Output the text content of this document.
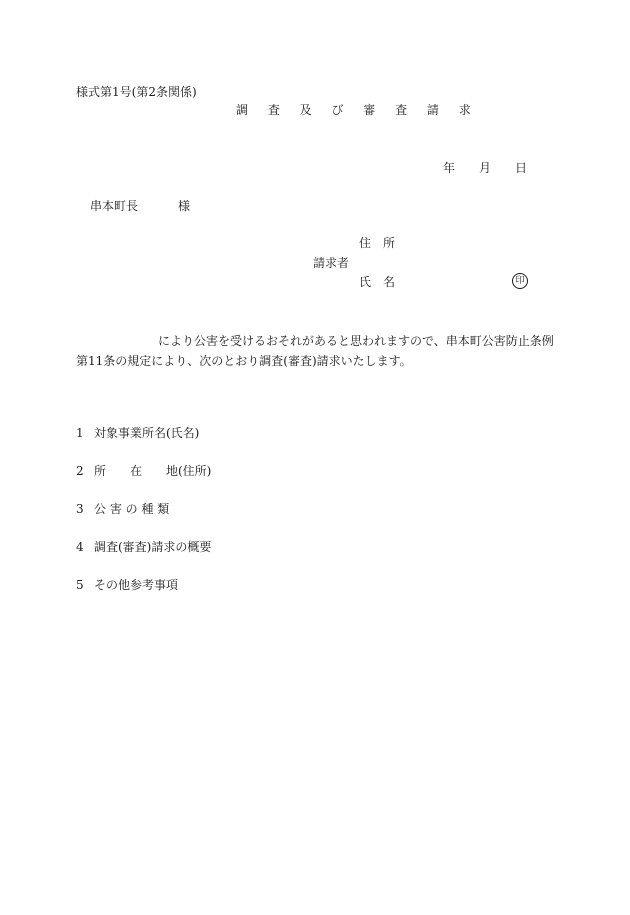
様式第1号(第2条関係)
調 査 及 び 審 査 請 求
年 月 日
串本町長	様
住　所
請求者
氏　名	印
により公害を受けるおそれがあると思われますので、串本町公害防止条例第11条の規定により、次のとおり調査(審査)請求いたします。
1 対象事業所名(氏名)
2 所　　在　　地(住所)
3 公 害 の 種 類
4 調査(審査)請求の概要
5 その他参考事項
